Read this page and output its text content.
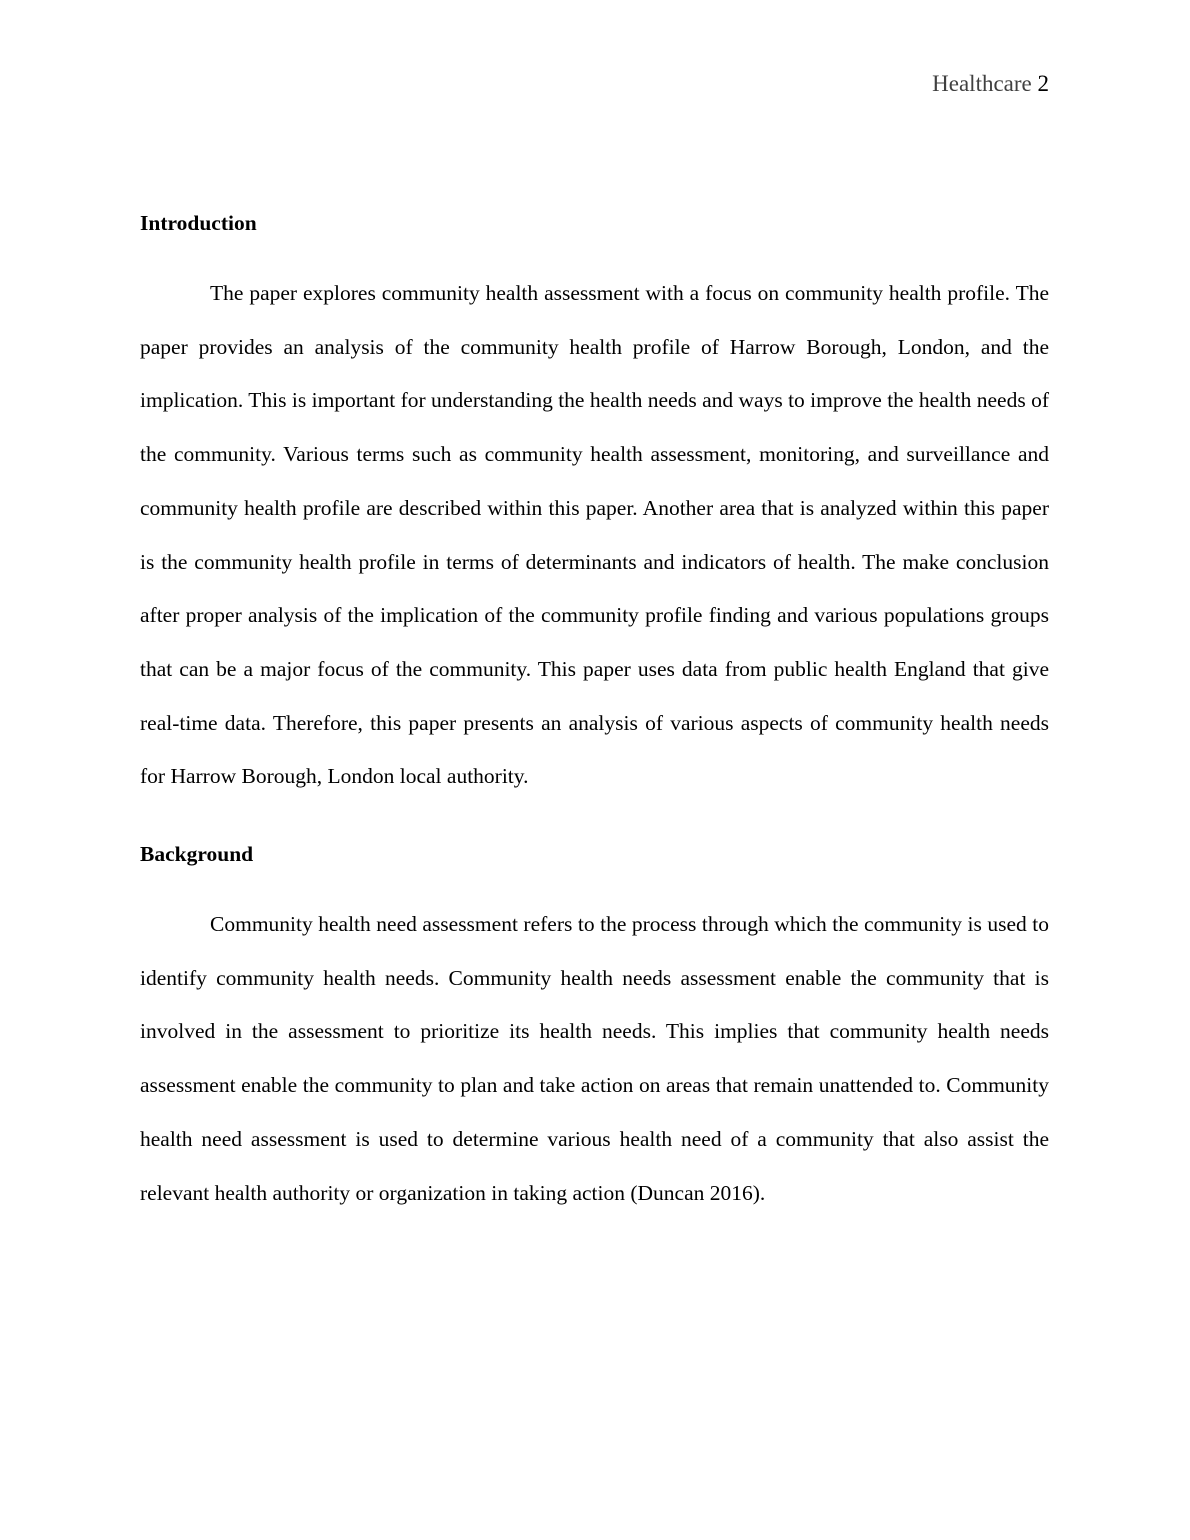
Healthcare 2
Introduction

The paper explores community health assessment with a focus on community health profile. The paper provides an analysis of the community health profile of Harrow Borough, London, and the implication. This is important for understanding the health needs and ways to improve the health needs of the community. Various terms such as community health assessment, monitoring, and surveillance and community health profile are described within this paper. Another area that is analyzed within this paper is the community health profile in terms of determinants and indicators of health. The make conclusion after proper analysis of the implication of the community profile finding and various populations groups that can be a major focus of the community. This paper uses data from public health England that give real-time data. Therefore, this paper presents an analysis of various aspects of community health needs for Harrow Borough, London local authority.

Background

Community health need assessment refers to the process through which the community is used to identify community health needs. Community health needs assessment enable the community that is involved in the assessment to prioritize its health needs. This implies that community health needs assessment enable the community to plan and take action on areas that remain unattended to. Community health need assessment is used to determine various health need of a community that also assist the relevant health authority or organization in taking action (Duncan 2016).
